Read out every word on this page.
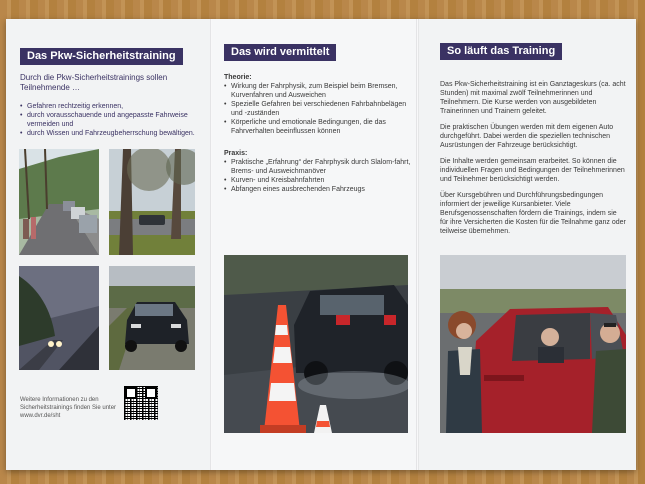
Das Pkw-Sicherheitstraining
Durch die Pkw-Sicherheitstrainings sollen Teilnehmende …
• Gefahren rechtzeitig erkennen,
• durch vorausschauende und angepasste Fahrweise vermeiden und
• durch Wissen und Fahrzeugbeherrschung bewältigen.
Weitere Informationen zu den Sicherheitstrainings finden Sie unter www.dvr.de/sht
Das wird vermittelt
Theorie:
• Wirkung der Fahrphysik, zum Beispiel beim Bremsen, Kurvenfahren und Ausweichen
• Spezielle Gefahren bei verschiedenen Fahrbahnbelägen und -zuständen
• Körperliche und emotionale Bedingungen, die das Fahrverhalten beeinflussen können
Praxis:
• Praktische „Erfahrung“ der Fahrphysik durch Slalom-fahrt, Brems- und Ausweichmanöver
• Kurven- und Kreisbahnfahrten
• Abfangen eines ausbrechenden Fahrzeugs
So läuft das Training

Das Pkw-Sicherheitstraining ist ein Ganztageskurs (ca. acht Stunden) mit maximal zwölf Teilnehmerinnen und Teilnehmern. Die Kurse werden von ausgebildeten Trainerinnen und Trainern geleitet.

Die praktischen Übungen werden mit dem eigenen Auto durchgeführt. Dabei werden die speziellen technischen Ausrüstungen der Fahrzeuge berücksichtigt.

Die Inhalte werden gemeinsam erarbeitet. So können die individuellen Fragen und Bedingungen der Teilnehmerinnen und Teilnehmer berücksichtigt werden.

Über Kursgebühren und Durchführungsbedingungen informiert der jeweilige Kursanbieter. Viele Berufsgenossenschaften fördern die Trainings, indem sie für ihre Versicherten die Kosten für die Teilnahme ganz oder teilweise übernehmen.
